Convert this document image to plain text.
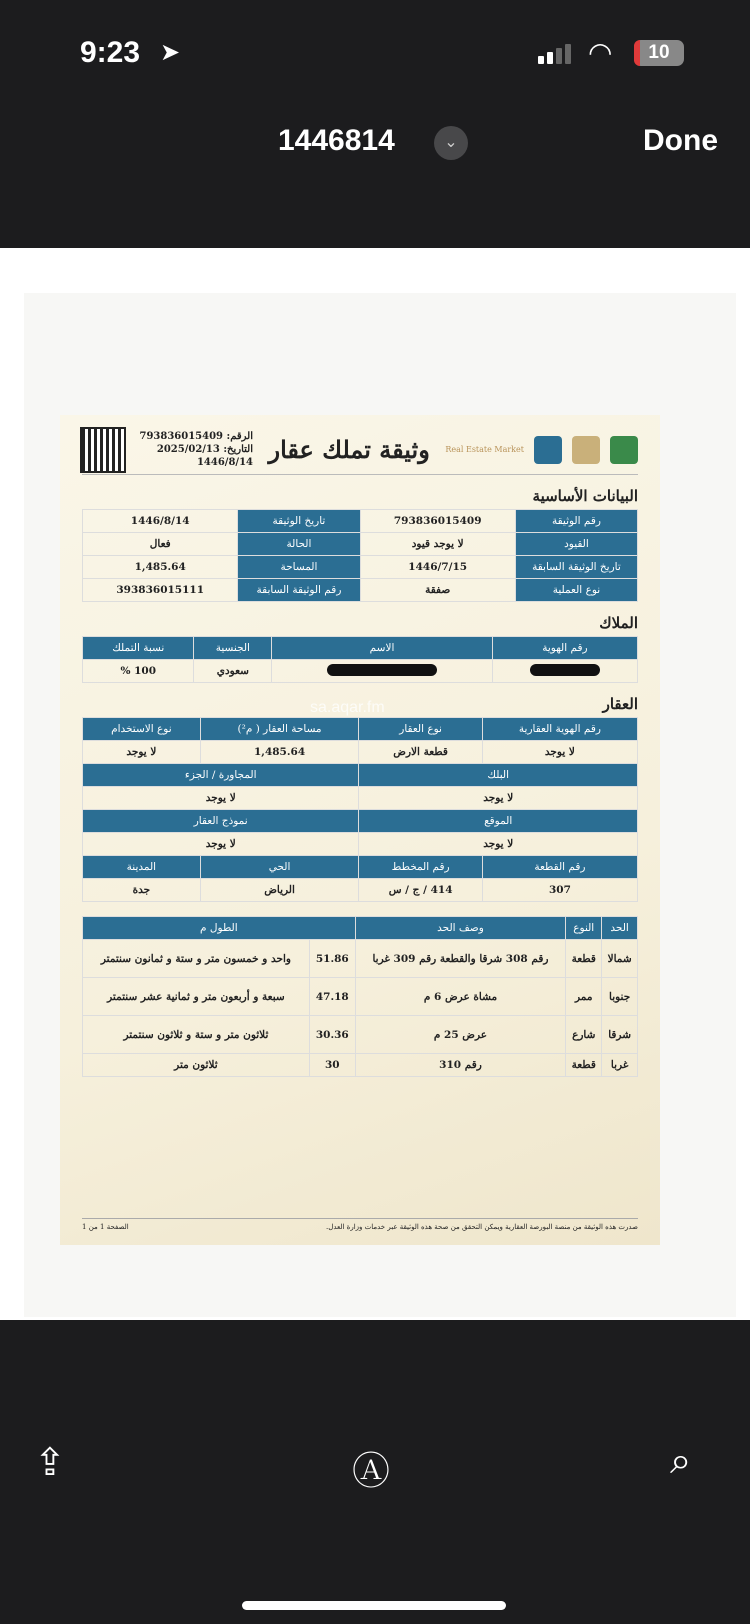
9:23 ➤	◠	10
1446814	⌄	Done
الرقم: 793836015409
التاريخ: 2025/02/13
1446/8/14 وثيقة تملك عقار Real Estate Market
البيانات الأساسية
رقم الوثيقة	793836015409	تاريخ الوثيقة	1446/8/14
القيود	لا يوجد قيود	الحالة	فعال
تاريخ الوثيقة السابقة	1446/7/15	المساحة	1,485.64
نوع العملية	صفقة	رقم الوثيقة السابقة	393836015111
الملاك
رقم الهوية	الاسم	الجنسية	نسبة التملك
		سعودي	100 %
العقار
رقم الهوية العقارية	نوع العقار	مساحة العقار ( م²)	نوع الاستخدام
لا يوجد	قطعة الارض	1,485.64	لا يوجد
البلك		المجاورة / الجزء	
لا يوجد		لا يوجد	
الموقع		نموذج العقار	
لا يوجد		لا يوجد	
رقم القطعة	رقم المخطط	الحي	المدينة
307	414 / ج / س	الرياض	جدة
sa.aqar.fm
الحد	النوع	وصف الحد	الطول م	
شمالا	قطعة	رقم 308 شرقا والقطعة رقم 309 غربا	51.86	واحد و خمسون متر و ستة و ثمانون سنتمتر
جنوبا	ممر	مشاة عرض 6 م	47.18	سبعة و أربعون متر و ثمانية عشر سنتمتر
شرقا	شارع	عرض 25 م	30.36	ثلاثون متر و ستة و ثلاثون سنتمتر
غربا	قطعة	رقم 310	30	ثلاثون متر
صدرت هذه الوثيقة من منصة البورصة العقارية ويمكن التحقق من صحة هذه الوثيقة عبر خدمات وزارة العدل.
الصفحة 1 من 1
⇪	Ⓐ	⌕
